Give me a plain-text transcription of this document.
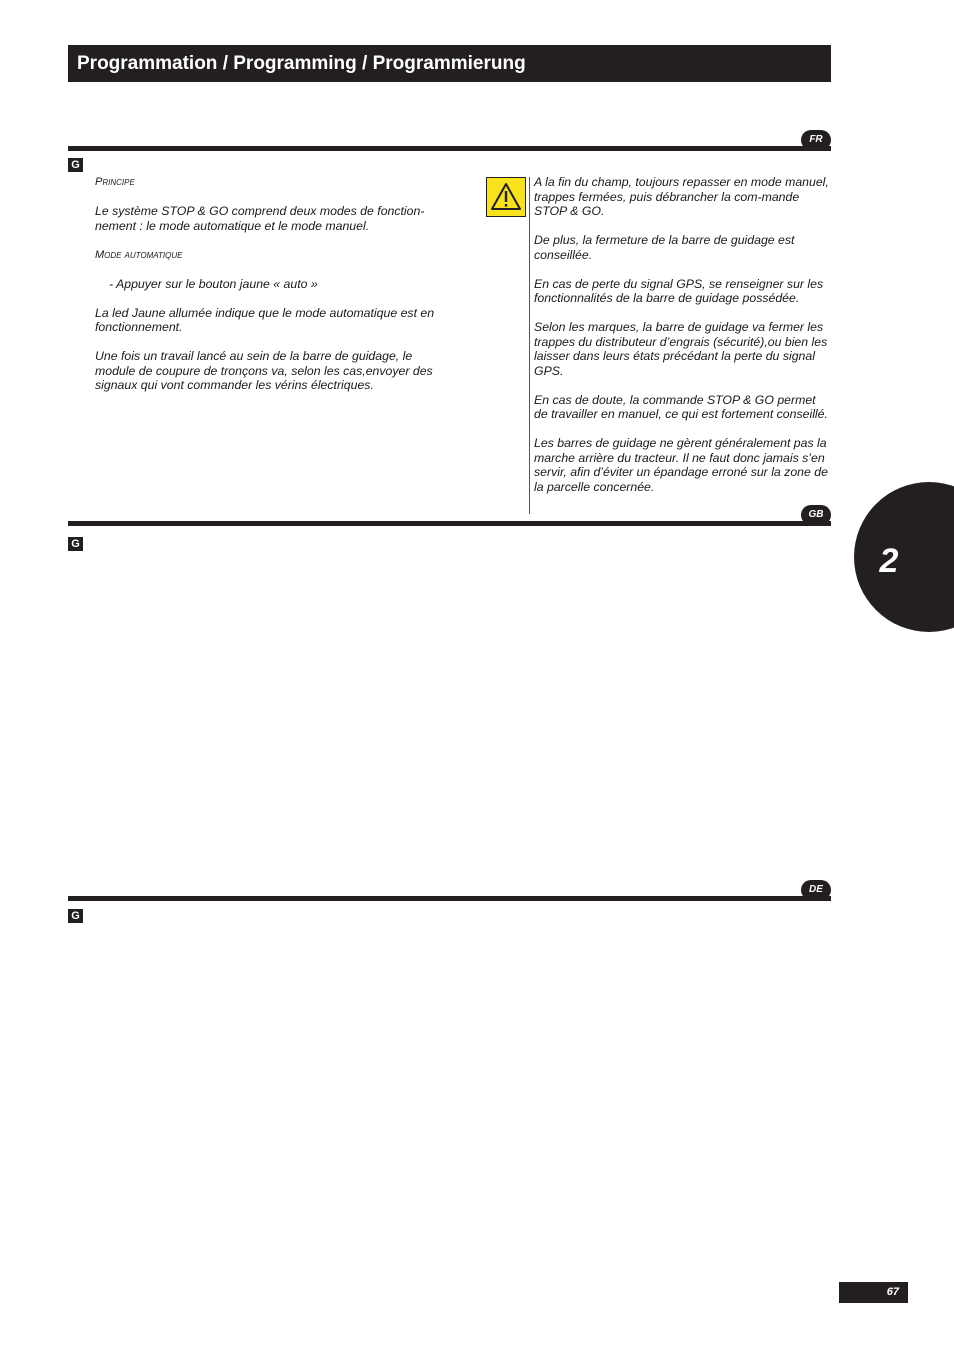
Programmation / Programming / Programmierung
FR
G

Principe

Le système STOP & GO comprend deux modes de fonction-nement : le mode automatique et le mode manuel.

Mode automatique

- Appuyer sur le bouton jaune « auto »

La led Jaune allumée indique que le mode automatique est en fonctionnement.

Une fois un travail lancé au sein de la barre de guidage, le module de coupure de tronçons va, selon les cas,envoyer des signaux qui vont commander les vérins électriques.

A la fin du champ, toujours repasser en mode manuel, trappes fermées, puis débrancher la com-mande STOP & GO.

De plus, la fermeture de la barre de guidage est conseillée.

En cas de perte du signal GPS, se renseigner sur les fonctionnalités de la barre de guidage possédée.

Selon les marques, la barre de guidage va fermer les trappes du distributeur d’engrais (sécurité),ou bien les laisser dans leurs états précédant la perte du signal GPS.

En cas de doute, la commande STOP & GO permet de travailler en manuel, ce qui est fortement conseillé.

Les barres de guidage ne gèrent généralement pas la marche arrière du tracteur. Il ne faut donc jamais s’en servir, afin d’éviter un épandage erroné sur la zone de la parcelle concernée.

GB
G	2
DE
G
67
